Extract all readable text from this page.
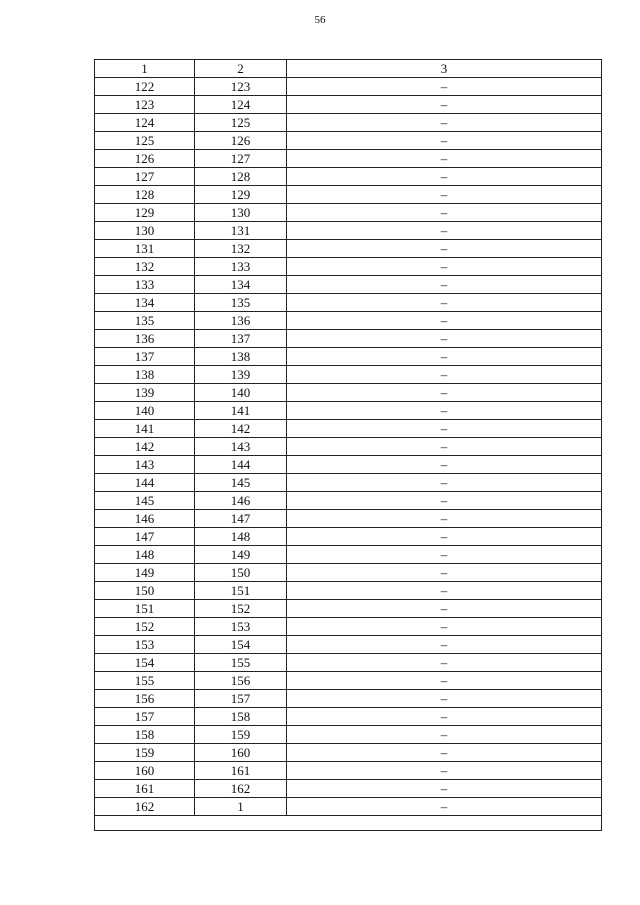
56
1	2	3
122	123	–
123	124	–
124	125	–
125	126	–
126	127	–
127	128	–
128	129	–
129	130	–
130	131	–
131	132	–
132	133	–
133	134	–
134	135	–
135	136	–
136	137	–
137	138	–
138	139	–
139	140	–
140	141	–
141	142	–
142	143	–
143	144	–
144	145	–
145	146	–
146	147	–
147	148	–
148	149	–
149	150	–
150	151	–
151	152	–
152	153	–
153	154	–
154	155	–
155	156	–
156	157	–
157	158	–
158	159	–
159	160	–
160	161	–
161	162	–
162	1	–
